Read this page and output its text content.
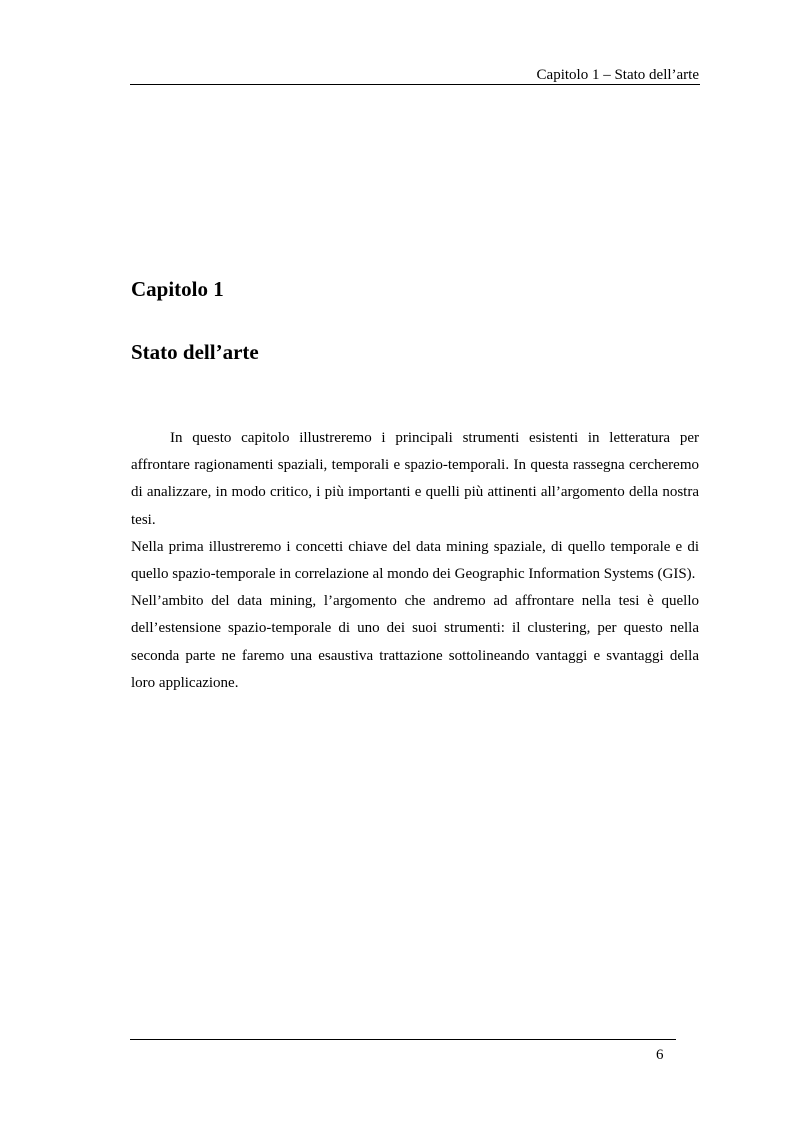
Capitolo 1 – Stato dell’arte
Capitolo 1
Stato dell’arte

In questo capitolo illustreremo i principali strumenti esistenti in letteratura per affrontare ragionamenti spaziali, temporali e spazio-temporali. In questa rassegna cercheremo di analizzare, in modo critico, i più importanti e quelli più attinenti all’argomento della nostra tesi.

Nella prima illustreremo i concetti chiave del data mining spaziale, di quello temporale e di quello spazio-temporale in correlazione al mondo dei Geographic Information Systems (GIS).

Nell’ambito del data mining, l’argomento che andremo ad affrontare nella tesi è quello dell’estensione spazio-temporale di uno dei suoi strumenti: il clustering, per questo nella seconda parte ne faremo una esaustiva trattazione sottolineando vantaggi e svantaggi della loro applicazione.

6
